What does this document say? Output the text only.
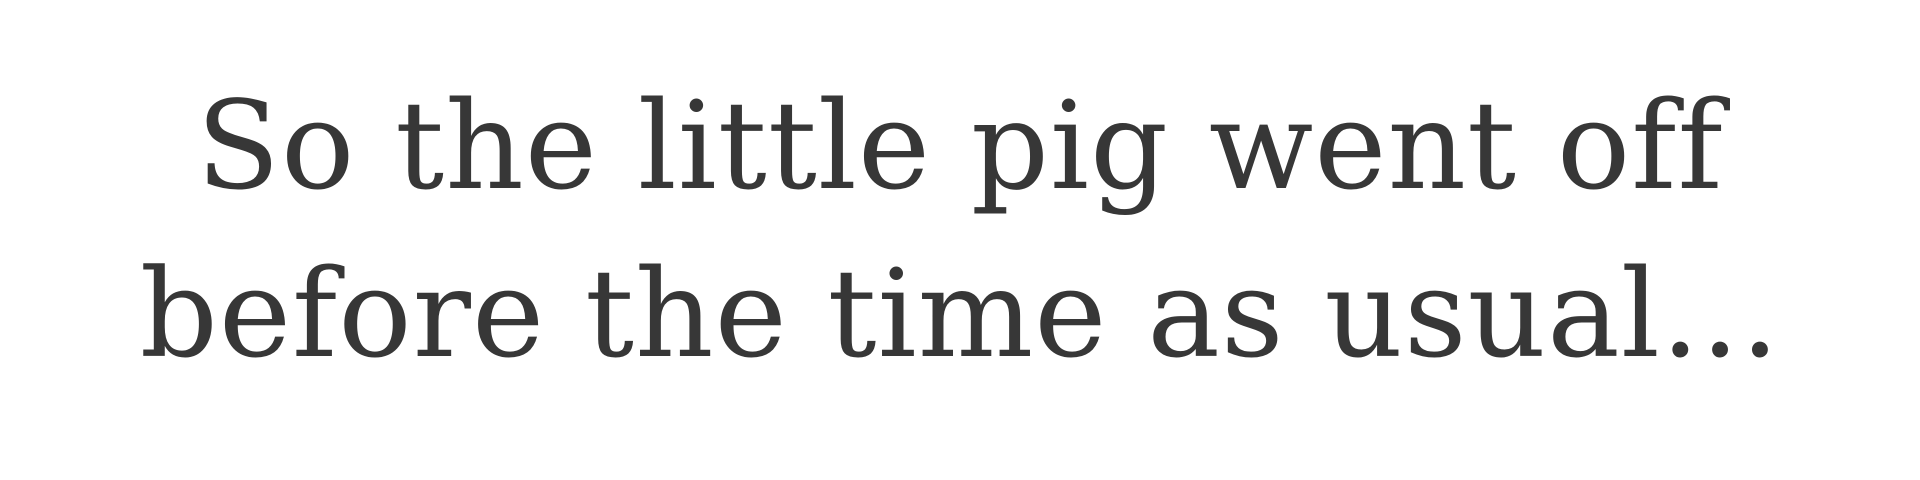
So the little pig went off
before the time as usual...
